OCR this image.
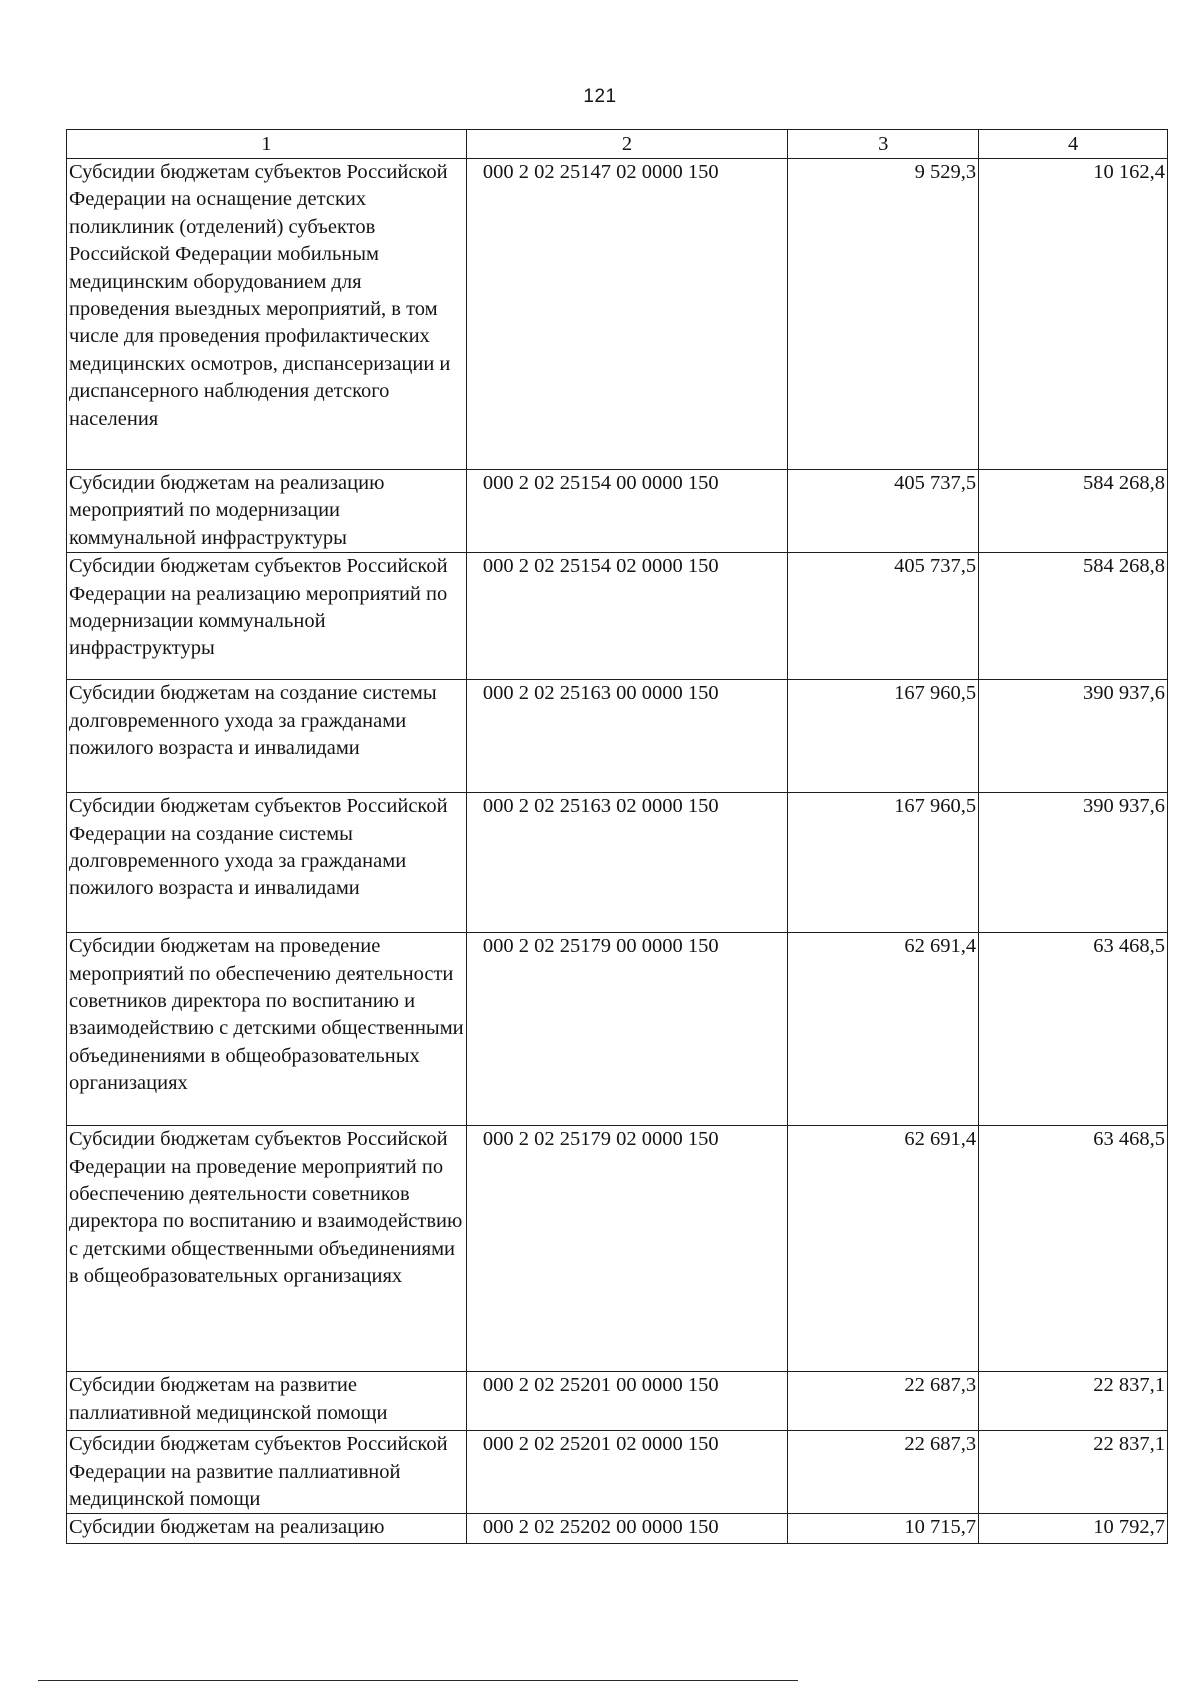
121
1	2	3	4
Субсидии бюджетам субъектов Российской Федерации на оснащение детских поликлиник (отделений) субъектов Российской Федерации мобильным медицинским оборудованием для проведения выездных мероприятий, в том числе для проведения профилактических медицинских осмотров, диспансеризации и диспансерного наблюдения детского населения	000 2 02 25147 02 0000 150	9 529,3	10 162,4
Субсидии бюджетам на реализацию мероприятий по модернизации коммунальной инфраструктуры	000 2 02 25154 00 0000 150	405 737,5	584 268,8
Субсидии бюджетам субъектов Российской Федерации на реализацию мероприятий по модернизации коммунальной инфраструктуры	000 2 02 25154 02 0000 150	405 737,5	584 268,8
Субсидии бюджетам на создание системы долговременного ухода за гражданами пожилого возраста и инвалидами	000 2 02 25163 00 0000 150	167 960,5	390 937,6
Субсидии бюджетам субъектов Российской Федерации на создание системы долговременного ухода за гражданами пожилого возраста и инвалидами	000 2 02 25163 02 0000 150	167 960,5	390 937,6
Субсидии бюджетам на проведение мероприятий по обеспечению деятельности советников директора по воспитанию и взаимодействию с детскими общественными объединениями в общеобразовательных организациях	000 2 02 25179 00 0000 150	62 691,4	63 468,5
Субсидии бюджетам субъектов Российской Федерации на проведение мероприятий по обеспечению деятельности советников директора по воспитанию и взаимодействию с детскими общественными объединениями в общеобразовательных организациях	000 2 02 25179 02 0000 150	62 691,4	63 468,5
Субсидии бюджетам на развитие паллиативной медицинской помощи	000 2 02 25201 00 0000 150	22 687,3	22 837,1
Субсидии бюджетам субъектов Российской Федерации на развитие паллиативной медицинской помощи	000 2 02 25201 02 0000 150	22 687,3	22 837,1
Субсидии бюджетам на реализацию	000 2 02 25202 00 0000 150	10 715,7	10 792,7
